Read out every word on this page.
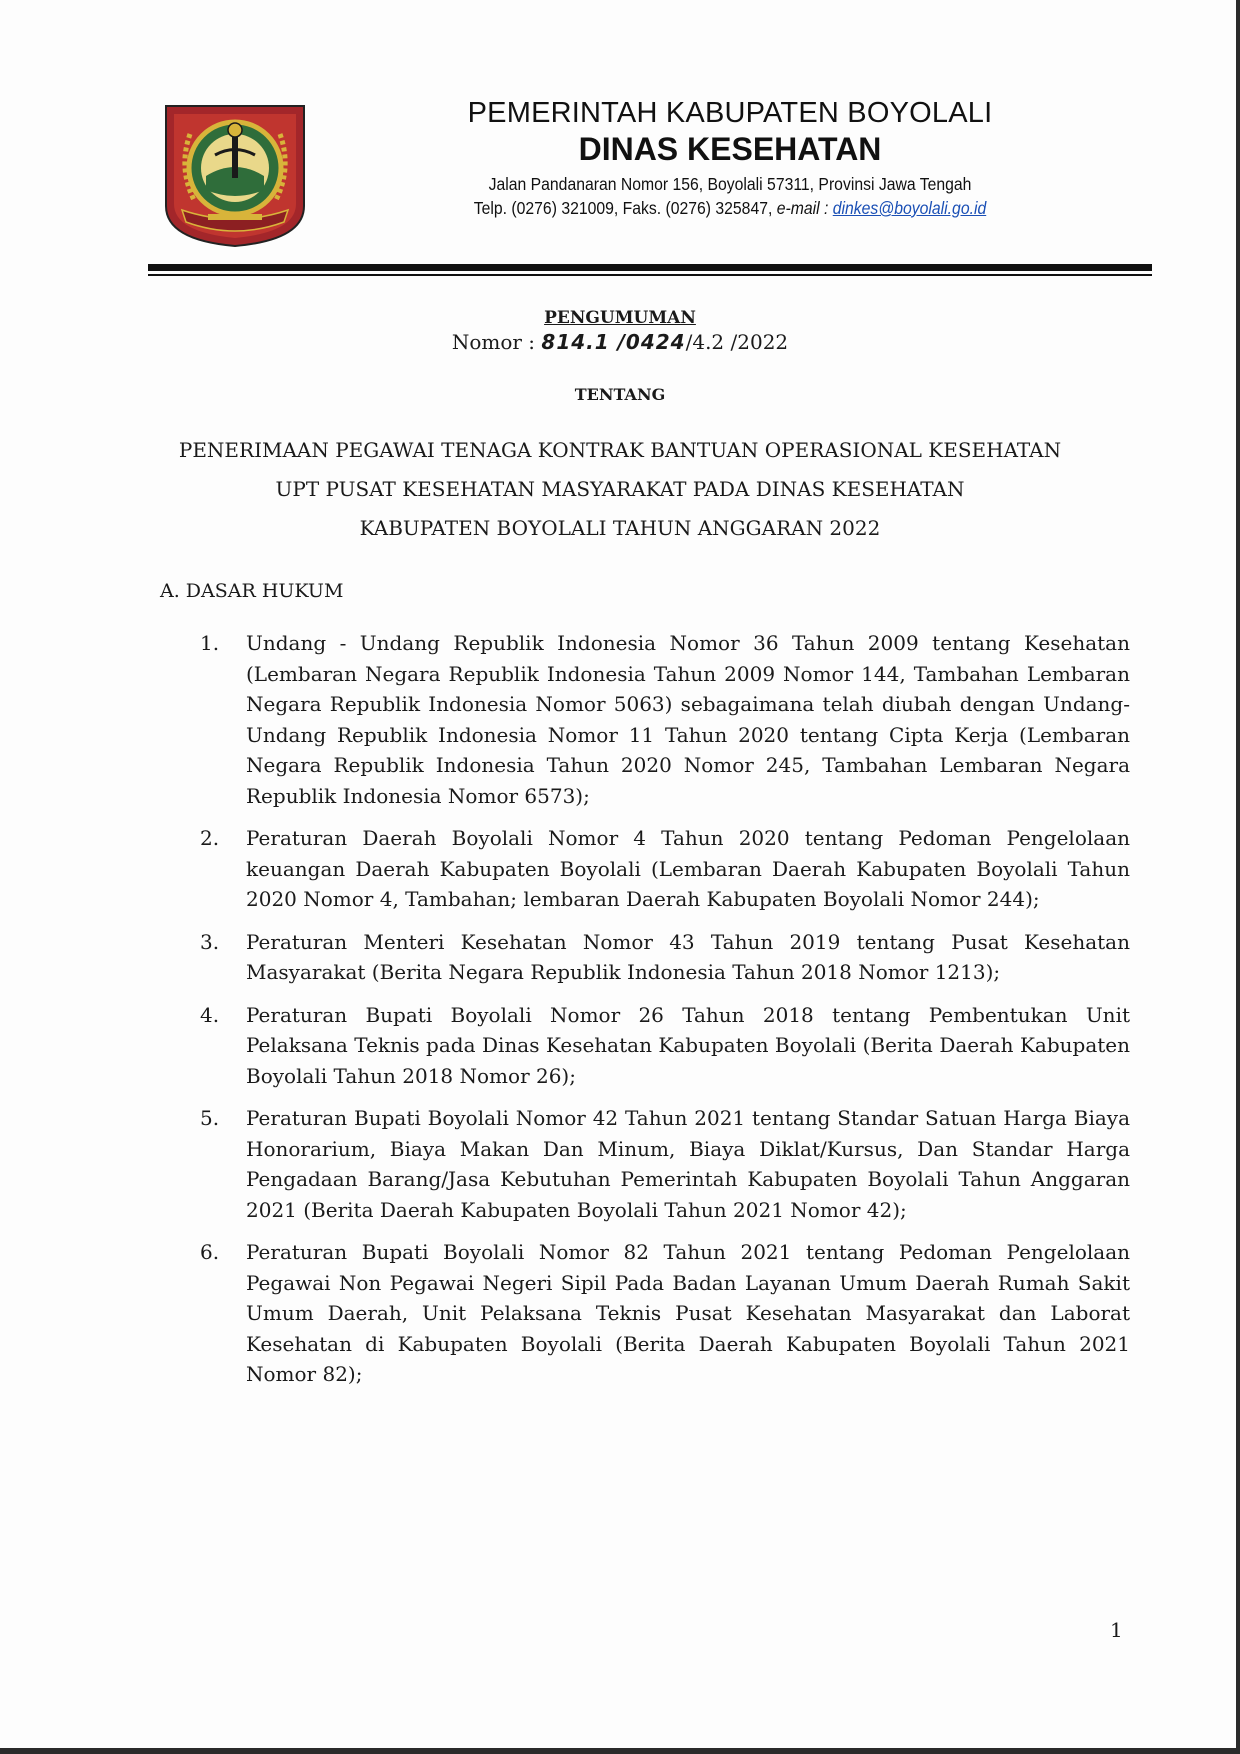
PEMERINTAH KABUPATEN BOYOLALI
DINAS KESEHATAN
Jalan Pandanaran Nomor 156, Boyolali 57311, Provinsi Jawa Tengah
Telp. (0276) 321009, Faks. (0276) 325847, e-mail : dinkes@boyolali.go.id
PENGUMUMAN
Nomor : 814.1 /0424/4.2 /2022
TENTANG
PENERIMAAN PEGAWAI TENAGA KONTRAK BANTUAN OPERASIONAL KESEHATAN
UPT PUSAT KESEHATAN MASYARAKAT PADA DINAS KESEHATAN
KABUPATEN BOYOLALI TAHUN ANGGARAN 2022
A. DASAR HUKUM
1. Undang - Undang Republik Indonesia Nomor 36 Tahun 2009 tentang Kesehatan (Lembaran Negara Republik Indonesia Tahun 2009 Nomor 144, Tambahan Lembaran Negara Republik Indonesia Nomor 5063) sebagaimana telah diubah dengan Undang-Undang Republik Indonesia Nomor 11 Tahun 2020 tentang Cipta Kerja (Lembaran Negara Republik Indonesia Tahun 2020 Nomor 245, Tambahan Lembaran Negara Republik Indonesia Nomor 6573);
2. Peraturan Daerah Boyolali Nomor 4 Tahun 2020 tentang Pedoman Pengelolaan keuangan Daerah Kabupaten Boyolali (Lembaran Daerah Kabupaten Boyolali Tahun 2020 Nomor 4, Tambahan; lembaran Daerah Kabupaten Boyolali Nomor 244);
3. Peraturan Menteri Kesehatan Nomor 43 Tahun 2019 tentang Pusat Kesehatan Masyarakat (Berita Negara Republik Indonesia Tahun 2018 Nomor 1213);
4. Peraturan Bupati Boyolali Nomor 26 Tahun 2018 tentang Pembentukan Unit Pelaksana Teknis pada Dinas Kesehatan Kabupaten Boyolali (Berita Daerah Kabupaten Boyolali Tahun 2018 Nomor 26);
5. Peraturan Bupati Boyolali Nomor 42 Tahun 2021 tentang Standar Satuan Harga Biaya Honorarium, Biaya Makan Dan Minum, Biaya Diklat/Kursus, Dan Standar Harga Pengadaan Barang/Jasa Kebutuhan Pemerintah Kabupaten Boyolali Tahun Anggaran 2021 (Berita Daerah Kabupaten Boyolali Tahun 2021 Nomor 42);
6. Peraturan Bupati Boyolali Nomor 82 Tahun 2021 tentang Pedoman Pengelolaan Pegawai Non Pegawai Negeri Sipil Pada Badan Layanan Umum Daerah Rumah Sakit Umum Daerah, Unit Pelaksana Teknis Pusat Kesehatan Masyarakat dan Laborat Kesehatan di Kabupaten Boyolali (Berita Daerah Kabupaten Boyolali Tahun 2021 Nomor 82);
1
